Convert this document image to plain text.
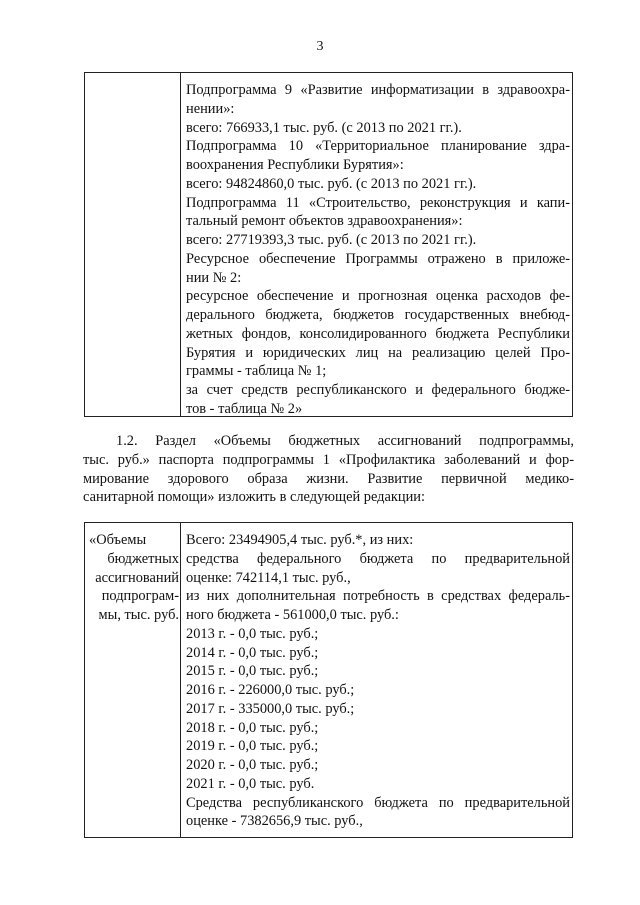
3

Подпрограмма 9 «Развитие информатизации в здравоохра-

нении»:

всего: 766933,1 тыс. руб. (с 2013 по 2021 гг.).

Подпрограмма 10 «Территориальное планирование здра-

воохранения Республики Бурятия»:

всего: 94824860,0 тыс. руб. (с 2013 по 2021 гг.).

Подпрограмма 11 «Строительство, реконструкция и капи-

тальный ремонт объектов здравоохранения»:

всего: 27719393,3 тыс. руб. (с 2013 по 2021 гг.).

Ресурсное обеспечение Программы отражено в приложе-

нии № 2:

ресурсное обеспечение и прогнозная оценка расходов фе-

дерального бюджета, бюджетов государственных внебюд-

жетных фондов, консолидированного бюджета Республики

Бурятия и юридических лиц на реализацию целей Про-

граммы - таблица № 1;

за счет средств республиканского и федерального бюдже-

тов - таблица № 2»

1.2. Раздел «Объемы бюджетных ассигнований подпрограммы,

тыс. руб.» паспорта подпрограммы 1 «Профилактика заболеваний и фор-

мирование здорового образа жизни. Развитие первичной медико-

санитарной помощи» изложить в следующей редакции:

«Объемы

бюджетных

ассигнований

подпрограм-

мы, тыс. руб.

Всего: 23494905,4 тыс. руб.*, из них:

средства федерального бюджета по предварительной

оценке: 742114,1 тыс. руб.,

из них дополнительная потребность в средствах федераль-

ного бюджета - 561000,0 тыс. руб.:

2013 г. - 0,0 тыс. руб.;

2014 г. - 0,0 тыс. руб.;

2015 г. - 0,0 тыс. руб.;

2016 г. - 226000,0 тыс. руб.;

2017 г. - 335000,0 тыс. руб.;

2018 г. - 0,0 тыс. руб.;

2019 г. - 0,0 тыс. руб.;

2020 г. - 0,0 тыс. руб.;

2021 г. - 0,0 тыс. руб.

Средства республиканского бюджета по предварительной

оценке - 7382656,9 тыс. руб.,
